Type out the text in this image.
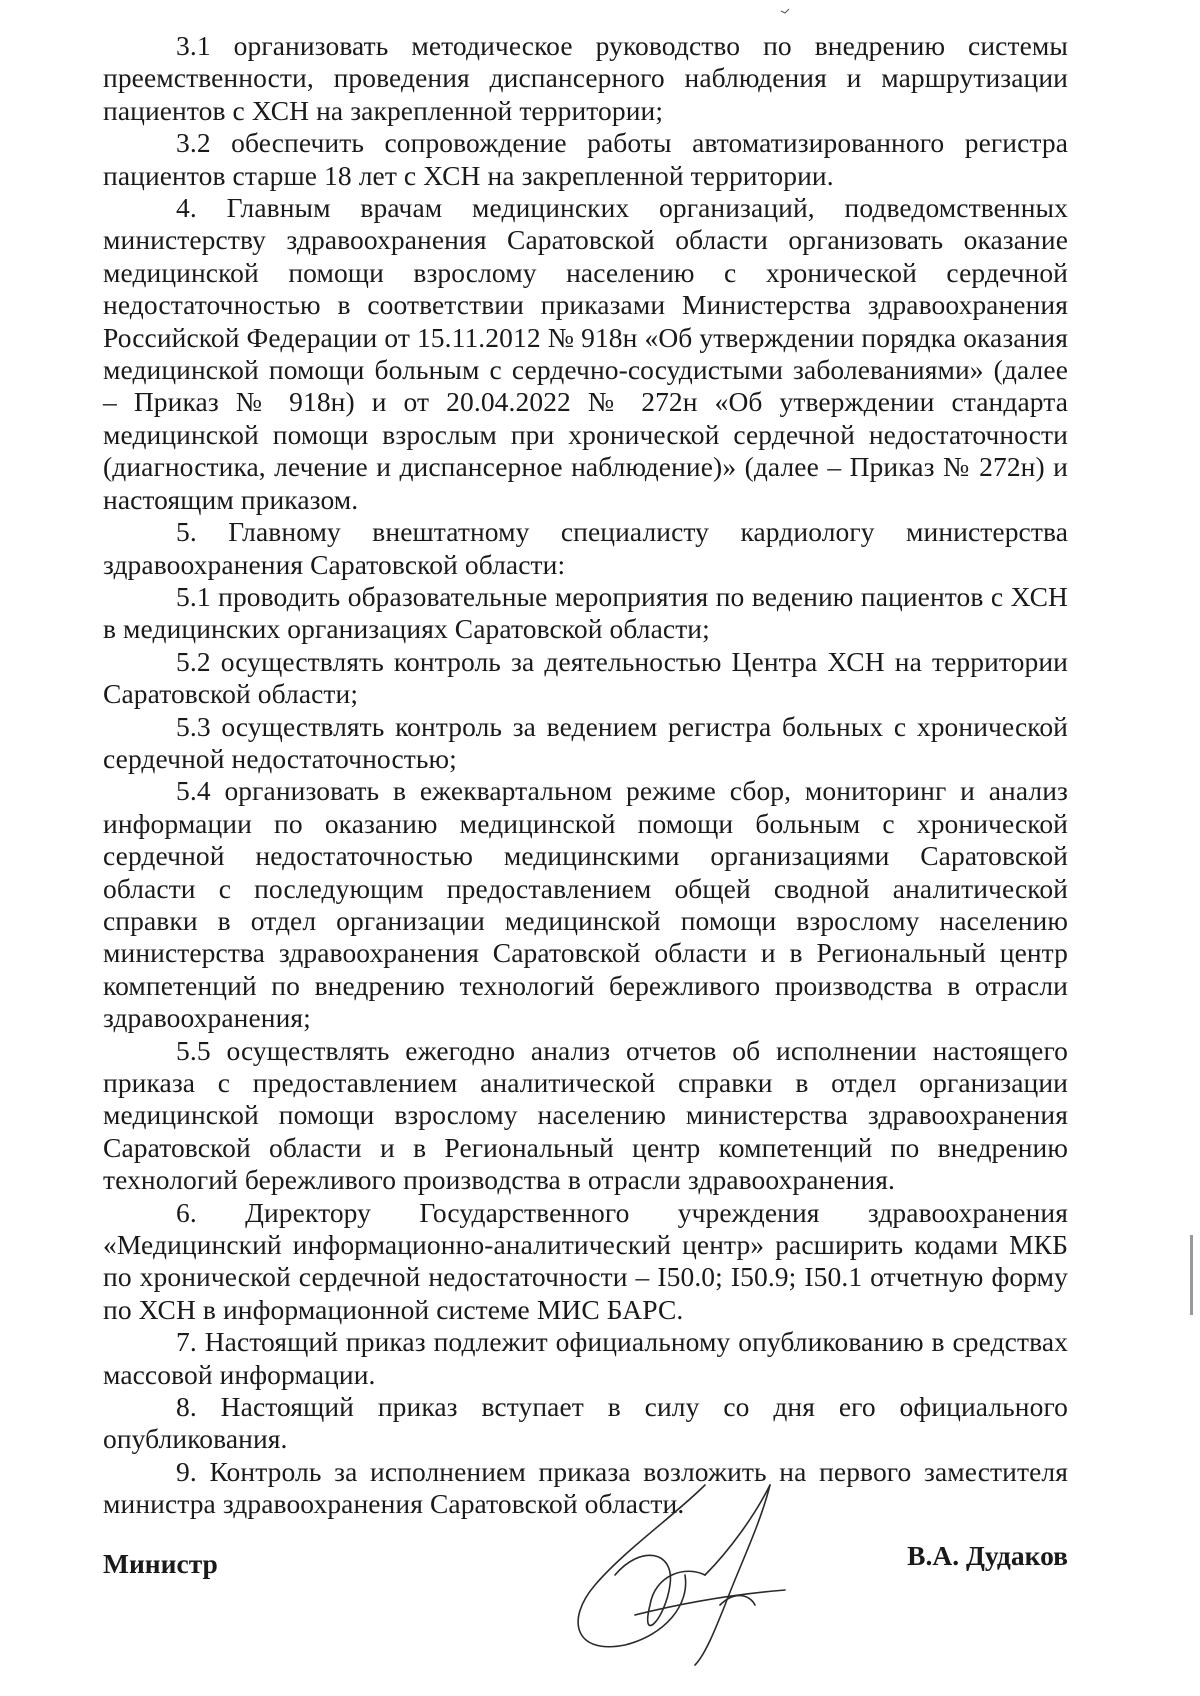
3.1 организовать методическое руководство по внедрению системы преемственности, проведения диспансерного наблюдения и маршрутизации пациентов с ХСН на закрепленной территории;

3.2 обеспечить сопровождение работы автоматизированного регистра пациентов старше 18 лет с ХСН на закрепленной территории.

4. Главным врачам медицинских организаций, подведомственных министерству здравоохранения Саратовской области организовать оказание медицинской помощи взрослому населению с хронической сердечной недостаточностью в соответствии приказами Министерства здравоохранения Российской Федерации от 15.11.2012 № 918н «Об утверждении порядка оказания медицинской помощи больным с сердечно-сосудистыми заболеваниями» (далее – Приказ № 918н) и от 20.04.2022 № 272н «Об утверждении стандарта медицинской помощи взрослым при хронической сердечной недостаточности (диагностика, лечение и диспансерное наблюдение)» (далее – Приказ № 272н) и настоящим приказом.

5. Главному внештатному специалисту кардиологу министерства здравоохранения Саратовской области:

5.1 проводить образовательные мероприятия по ведению пациентов с ХСН в медицинских организациях Саратовской области;

5.2 осуществлять контроль за деятельностью Центра ХСН на территории Саратовской области;

5.3 осуществлять контроль за ведением регистра больных с хронической сердечной недостаточностью;

5.4 организовать в ежеквартальном режиме сбор, мониторинг и анализ информации по оказанию медицинской помощи больным с хронической сердечной недостаточностью медицинскими организациями Саратовской области с последующим предоставлением общей сводной аналитической справки в отдел организации медицинской помощи взрослому населению министерства здравоохранения Саратовской области и в Региональный центр компетенций по внедрению технологий бережливого производства в отрасли здравоохранения;

5.5 осуществлять ежегодно анализ отчетов об исполнении настоящего приказа с предоставлением аналитической справки в отдел организации медицинской помощи взрослому населению министерства здравоохранения Саратовской области и в Региональный центр компетенций по внедрению технологий бережливого производства в отрасли здравоохранения.

6. Директору Государственного учреждения здравоохранения «Медицинский информационно-аналитический центр» расширить кодами МКБ по хронической сердечной недостаточности – I50.0; I50.9; I50.1 отчетную форму по ХСН в информационной системе МИС БАРС.

7. Настоящий приказ подлежит официальному опубликованию в средствах массовой информации.

8. Настоящий приказ вступает в силу со дня его официального опубликования.

9. Контроль за исполнением приказа возложить на первого заместителя министра здравоохранения Саратовской области.

Министр	В.А. Дудаков
